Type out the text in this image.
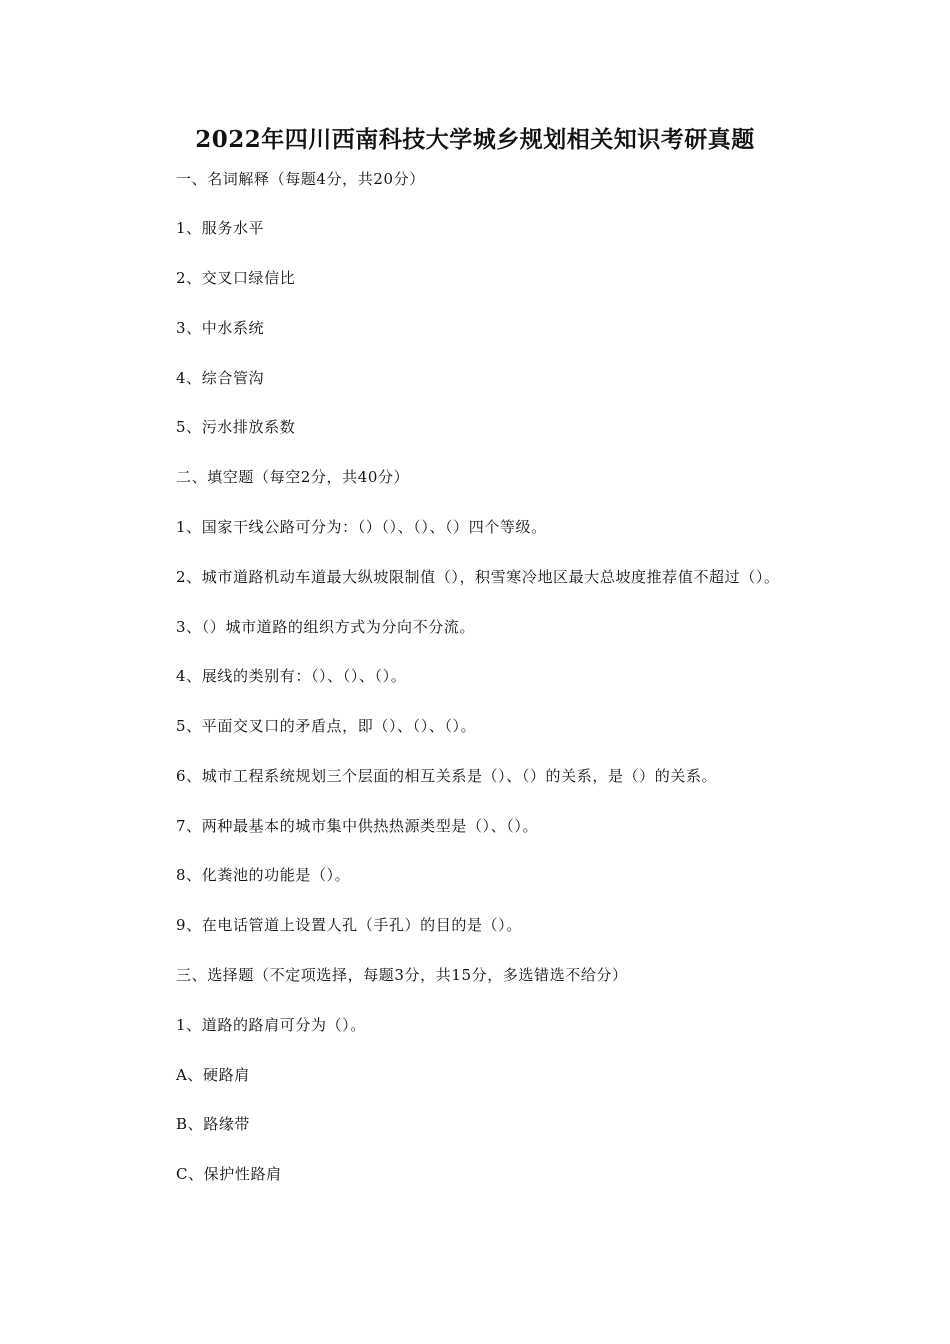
2022年四川西南科技大学城乡规划相关知识考研真题
一、名词解释（每题4分，共20分）
1、服务水平
2、交叉口绿信比
3、中水系统
4、综合管沟
5、污水排放系数
二、填空题（每空2分，共40分）
1、国家干线公路可分为：（）（）、（）、（）四个等级。
2、城市道路机动车道最大纵坡限制值（），积雪寒冷地区最大总坡度推荐值不超过（）。
3、（）城市道路的组织方式为分向不分流。
4、展线的类别有：（）、（）、（）。
5、平面交叉口的矛盾点，即（）、（）、（）。
6、城市工程系统规划三个层面的相互关系是（）、（）的关系，是（）的关系。
7、两种最基本的城市集中供热热源类型是（）、（）。
8、化粪池的功能是（）。
9、在电话管道上设置人孔（手孔）的目的是（）。
三、选择题（不定项选择，每题3分，共15分，多选错选不给分）
1、道路的路肩可分为（）。
A、硬路肩
B、路缘带
C、保护性路肩
